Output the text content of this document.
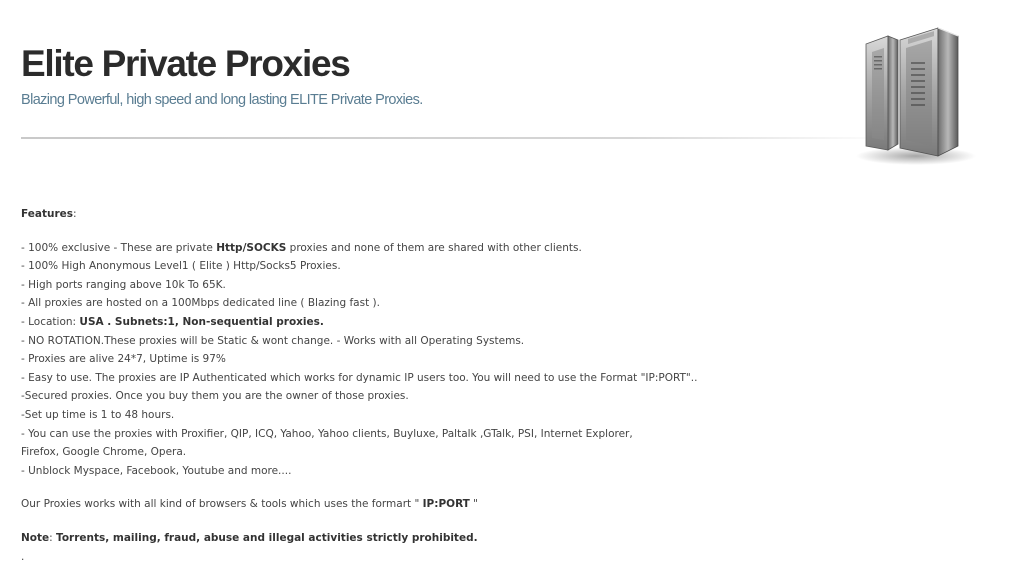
Elite Private Proxies
Blazing Powerful, high speed and long lasting ELITE Private Proxies.

Features:

- 100% exclusive - These are private Http/SOCKS proxies and none of them are shared with other clients.

- 100% High Anonymous Level1 ( Elite ) Http/Socks5 Proxies.

- High ports ranging above 10k To 65K.

- All proxies are hosted on a 100Mbps dedicated line ( Blazing fast ).

- Location: USA . Subnets:1, Non-sequential proxies.

- NO ROTATION.These proxies will be Static & wont change. - Works with all Operating Systems.

- Proxies are alive 24*7, Uptime is 97%

- Easy to use. The proxies are IP Authenticated which works for dynamic IP users too. You will need to use the Format "IP:PORT"..

-Secured proxies. Once you buy them you are the owner of those proxies.

-Set up time is 1 to 48 hours.

- You can use the proxies with Proxifier, QIP, ICQ, Yahoo, Yahoo clients, Buyluxe, Paltalk ,GTalk, PSI, Internet Explorer,

Firefox, Google Chrome, Opera.

- Unblock Myspace, Facebook, Youtube and more....

Our Proxies works with all kind of browsers & tools which uses the formart " IP:PORT "

Note: Torrents, mailing, fraud, abuse and illegal activities strictly prohibited.

.
